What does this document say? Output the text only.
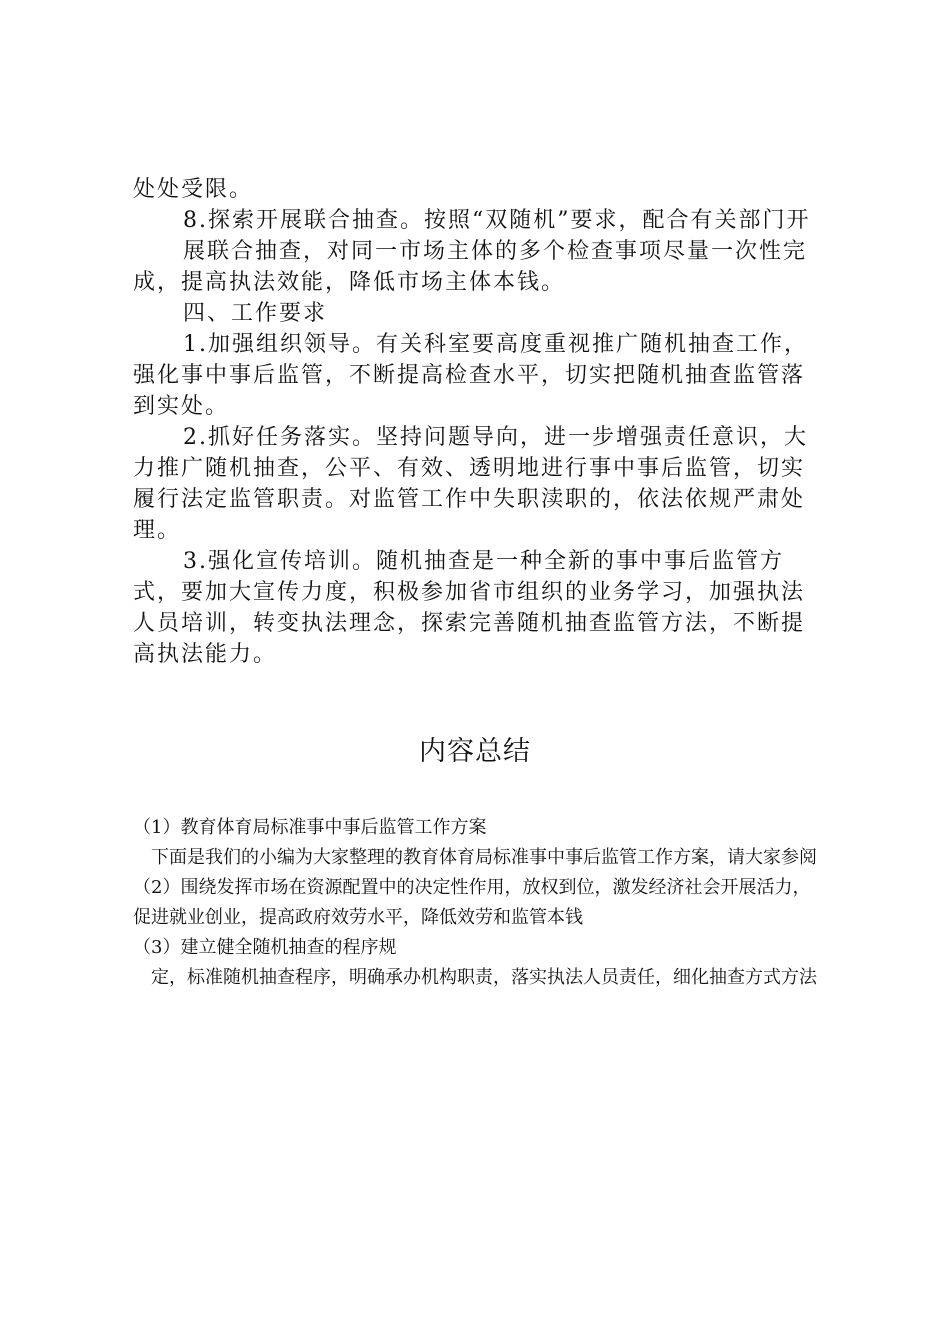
处处受限。

8.探索开展联合抽查。按照“双随机”要求，配合有关部门开

展联合抽查，对同一市场主体的多个检查事项尽量一次性完成，提高执法效能，降低市场主体本钱。

四、工作要求

1.加强组织领导。有关科室要高度重视推广随机抽查工作，强化事中事后监管，不断提高检查水平，切实把随机抽查监管落到实处。

2.抓好任务落实。坚持问题导向，进一步增强责任意识，大力推广随机抽查，公平、有效、透明地进行事中事后监管，切实履行法定监管职责。对监管工作中失职渎职的，依法依规严肃处理。

3.强化宣传培训。随机抽查是一种全新的事中事后监管方式，要加大宣传力度，积极参加省市组织的业务学习，加强执法人员培训，转变执法理念，探索完善随机抽查监管方法，不断提高执法能力。

内容总结

（1）教育体育局标准事中事后监管工作方案

下面是我们的小编为大家整理的教育体育局标准事中事后监管工作方案，请大家参阅

（2）围绕发挥市场在资源配置中的决定性作用，放权到位，激发经济社会开展活力，促进就业创业，提高政府效劳水平，降低效劳和监管本钱

（3）建立健全随机抽查的程序规

定，标准随机抽查程序，明确承办机构职责，落实执法人员责任，细化抽查方式方法
